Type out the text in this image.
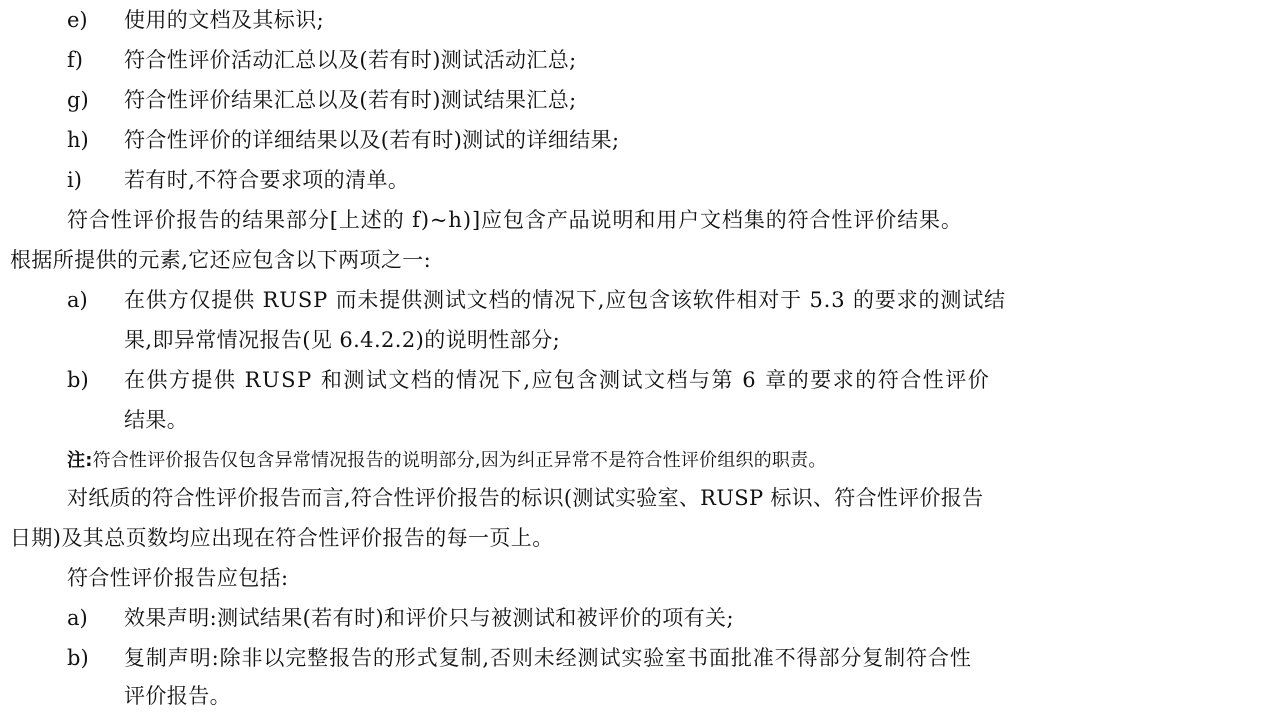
e) 使用的文档及其标识;
f) 符合性评价活动汇总以及(若有时)测试活动汇总;
g) 符合性评价结果汇总以及(若有时)测试结果汇总;
h) 符合性评价的详细结果以及(若有时)测试的详细结果;
i) 若有时,不符合要求项的清单。
符合性评价报告的结果部分[上述的 f)~h)]应包含产品说明和用户文档集的符合性评价结果。
根据所提供的元素,它还应包含以下两项之一:
a) 在供方仅提供 RUSP 而未提供测试文档的情况下,应包含该软件相对于 5.3 的要求的测试结
果,即异常情况报告(见 6.4.2.2)的说明性部分;
b) 在供方提供 RUSP 和测试文档的情况下,应包含测试文档与第 6 章的要求的符合性评价
结果。
注:符合性评价报告仅包含异常情况报告的说明部分,因为纠正异常不是符合性评价组织的职责。
对纸质的符合性评价报告而言,符合性评价报告的标识(测试实验室、RUSP 标识、符合性评价报告
日期)及其总页数均应出现在符合性评价报告的每一页上。
符合性评价报告应包括:
a) 效果声明:测试结果(若有时)和评价只与被测试和被评价的项有关;
b) 复制声明:除非以完整报告的形式复制,否则未经测试实验室书面批准不得部分复制符合性
评价报告。
